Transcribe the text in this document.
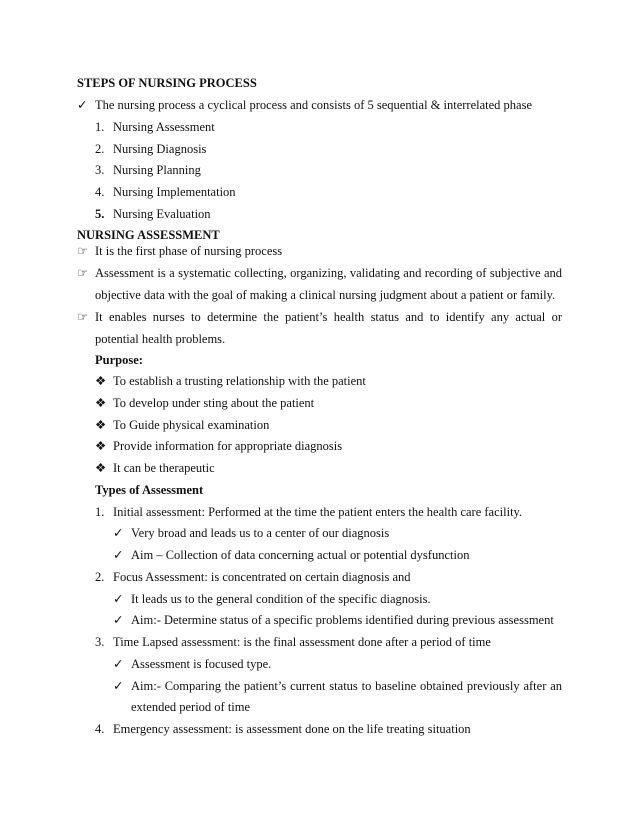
STEPS OF NURSING PROCESS
✓ The nursing process a cyclical process and consists of 5 sequential & interrelated phase
1. Nursing Assessment
2. Nursing Diagnosis
3. Nursing Planning
4. Nursing Implementation
5. Nursing Evaluation
NURSING ASSESSMENT
☞ It is the first phase of nursing process
☞ Assessment is a systematic collecting, organizing, validating and recording of subjective and
objective data with the goal of making a clinical nursing judgment about a patient or family.
☞ It enables nurses to determine the patient’s health status and to identify any actual or
potential health problems.
Purpose:
❖ To establish a trusting relationship with the patient
❖ To develop under sting about the patient
❖ To Guide physical examination
❖ Provide information for appropriate diagnosis
❖ It can be therapeutic
Types of Assessment
1. Initial assessment: Performed at the time the patient enters the health care facility.
✓ Very broad and leads us to a center of our diagnosis
✓ Aim – Collection of data concerning actual or potential dysfunction
2. Focus Assessment: is concentrated on certain diagnosis and
✓ It leads us to the general condition of the specific diagnosis.
✓ Aim:- Determine status of a specific problems identified during previous assessment
3. Time Lapsed assessment: is the final assessment done after a period of time
✓ Assessment is focused type.
✓ Aim:- Comparing the patient’s current status to baseline obtained previously after an
extended period of time
4. Emergency assessment: is assessment done on the life treating situation
